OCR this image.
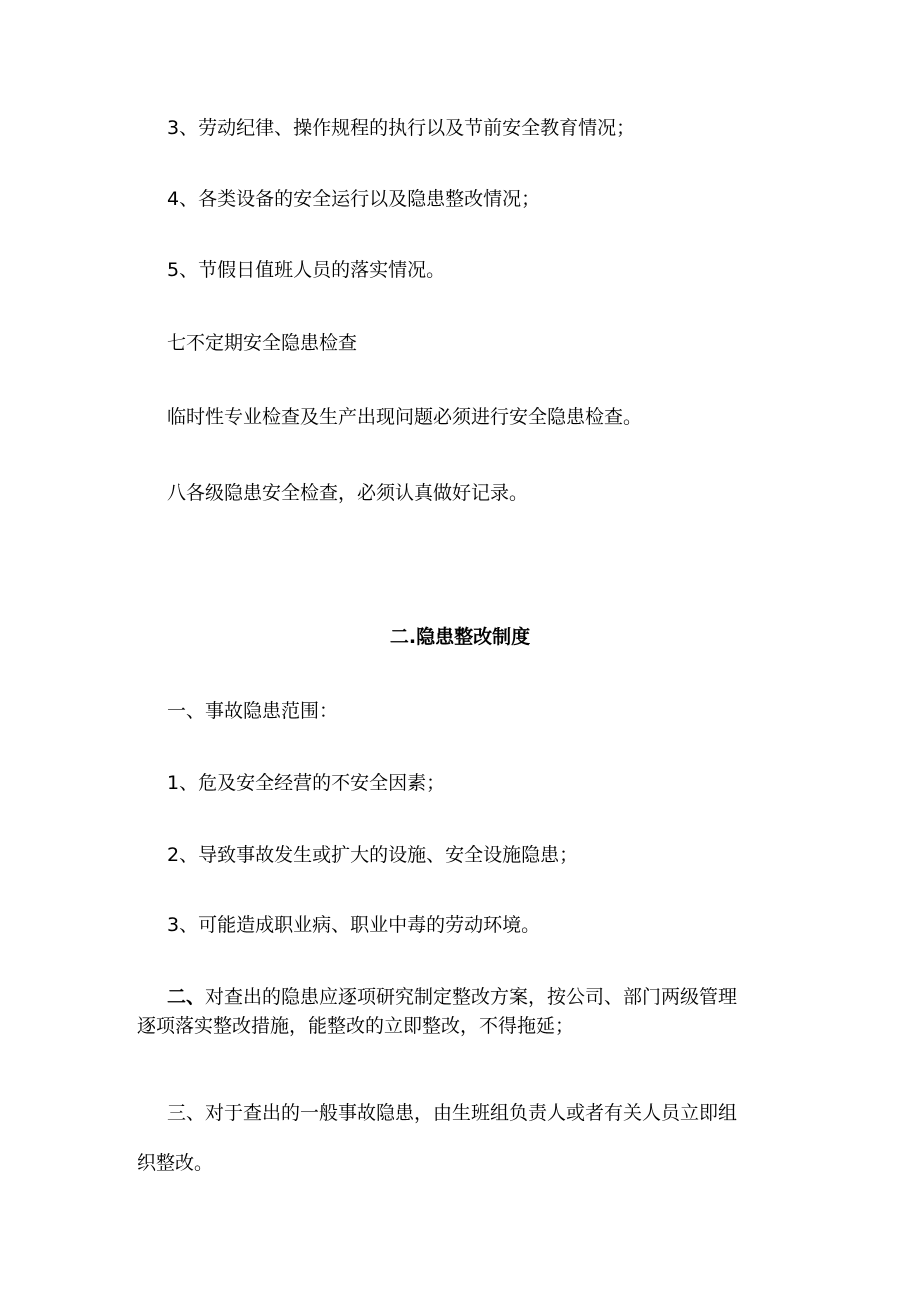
3、劳动纪律、操作规程的执行以及节前安全教育情况；

4、各类设备的安全运行以及隐患整改情况；

5、节假日值班人员的落实情况。

七不定期安全隐患检查

临时性专业检查及生产出现问题必须进行安全隐患检查。

八各级隐患安全检查，必须认真做好记录。

二.隐患整改制度

一、事故隐患范围：

1、危及安全经营的不安全因素；

2、导致事故发生或扩大的设施、安全设施隐患；

3、可能造成职业病、职业中毒的劳动环境。

二、对查出的隐患应逐项研究制定整改方案，按公司、部门两级管理

逐项落实整改措施，能整改的立即整改，不得拖延；

三、对于查出的一般事故隐患，由生班组负责人或者有关人员立即组

织整改。
